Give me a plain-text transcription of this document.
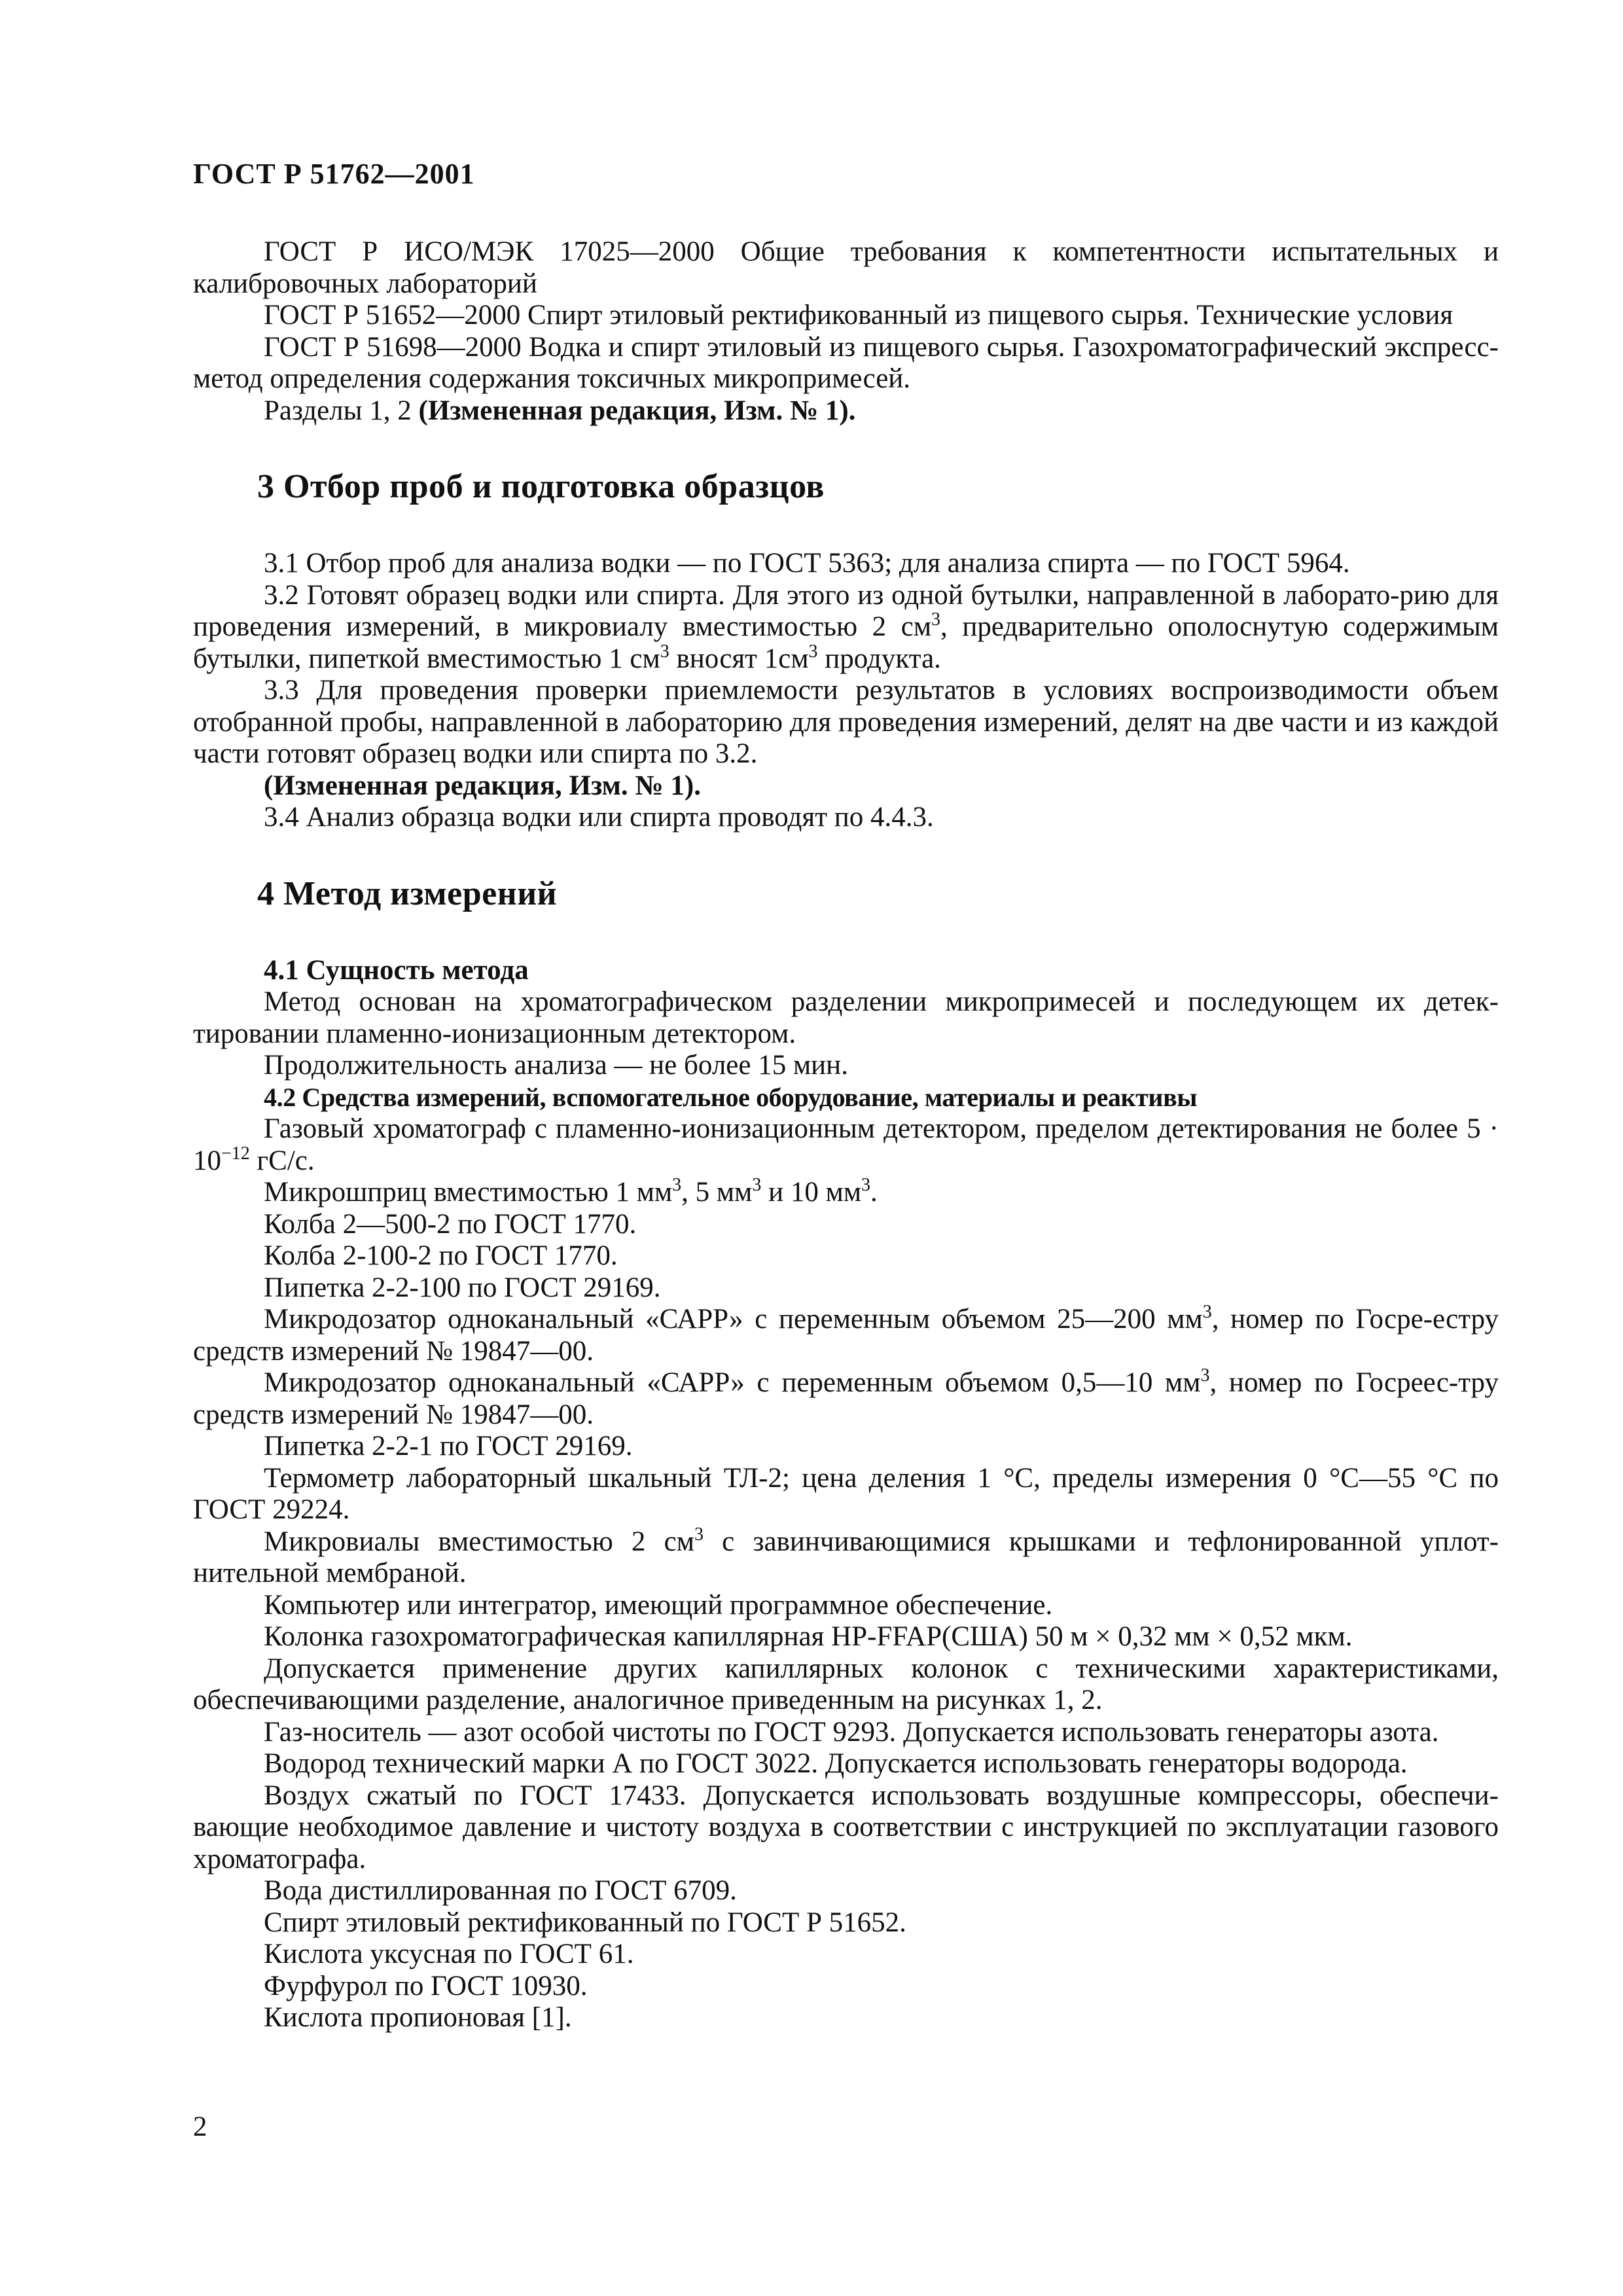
ГОСТ Р 51762—2001

ГОСТ Р ИСО/МЭК 17025—2000 Общие требования к компетентности испытательных и калибровочных лабораторий

ГОСТ Р 51652—2000 Спирт этиловый ректификованный из пищевого сырья. Технические условия

ГОСТ Р 51698—2000 Водка и спирт этиловый из пищевого сырья. Газохроматографический экспресс-метод определения содержания токсичных микропримесей.

Разделы 1, 2 (Измененная редакция, Изм. № 1).

3 Отбор проб и подготовка образцов

3.1 Отбор проб для анализа водки — по ГОСТ 5363; для анализа спирта — по ГОСТ 5964.

3.2 Готовят образец водки или спирта. Для этого из одной бутылки, направленной в лаборато-рию для проведения измерений, в микровиалу вместимостью 2 $см^3$, предварительно ополоснутую содержимым бутылки, пипеткой вместимостью 1 $см^3$ вносят $1см^3$ продукта.

3.3 Для проведения проверки приемлемости результатов в условиях воспроизводимости объем отобранной пробы, направленной в лабораторию для проведения измерений, делят на две части и из каждой части готовят образец водки или спирта по 3.2.

(Измененная редакция, Изм. № 1).

3.4 Анализ образца водки или спирта проводят по 4.4.3.

4 Метод измерений

4.1 Сущность метода

Метод основан на хроматографическом разделении микропримесей и последующем их детек-тировании пламенно-ионизационным детектором.

Продолжительность анализа — не более 15 мин.

4.2 Средства измерений, вспомогательное оборудование, материалы и реактивы

Газовый хроматограф с пламенно-ионизационным детектором, пределом детектирования не более $5 \cdot 10^{-12}$ гС/с.

Микрошприц вместимостью 1 $мм^3$, 5 $мм^3$ и 10 $мм^3$.

Колба 2—500-2 по ГОСТ 1770.

Колба 2-100-2 по ГОСТ 1770.

Пипетка 2-2-100 по ГОСТ 29169.

Микродозатор одноканальный «САРР» с переменным объемом 25—200 $мм^3$, номер по Госре-естру средств измерений № 19847—00.

Микродозатор одноканальный «САРР» с переменным объемом 0,5—10 $мм^3$, номер по Госреес-тру средств измерений № 19847—00.

Пипетка 2-2-1 по ГОСТ 29169.

Термометр лабораторный шкальный ТЛ-2; цена деления 1 °С, пределы измерения 0 °С—55 °С по ГОСТ 29224.

Микровиалы вместимостью 2 $см^3$ с завинчивающимися крышками и тефлонированной уплот-нительной мембраной.

Компьютер или интегратор, имеющий программное обеспечение.

Колонка газохроматографическая капиллярная HP-FFAP(США) 50 м × 0,32 мм × 0,52 мкм.

Допускается применение других капиллярных колонок с техническими характеристиками, обеспечивающими разделение, аналогичное приведенным на рисунках 1, 2.

Газ-носитель — азот особой чистоты по ГОСТ 9293. Допускается использовать генераторы азота.

Водород технический марки А по ГОСТ 3022. Допускается использовать генераторы водорода.

Воздух сжатый по ГОСТ 17433. Допускается использовать воздушные компрессоры, обеспечи-вающие необходимое давление и чистоту воздуха в соответствии с инструкцией по эксплуатации газового хроматографа.

Вода дистиллированная по ГОСТ 6709.

Спирт этиловый ректификованный по ГОСТ Р 51652.

Кислота уксусная по ГОСТ 61.

Фурфурол по ГОСТ 10930.

Кислота пропионовая [1].

2
